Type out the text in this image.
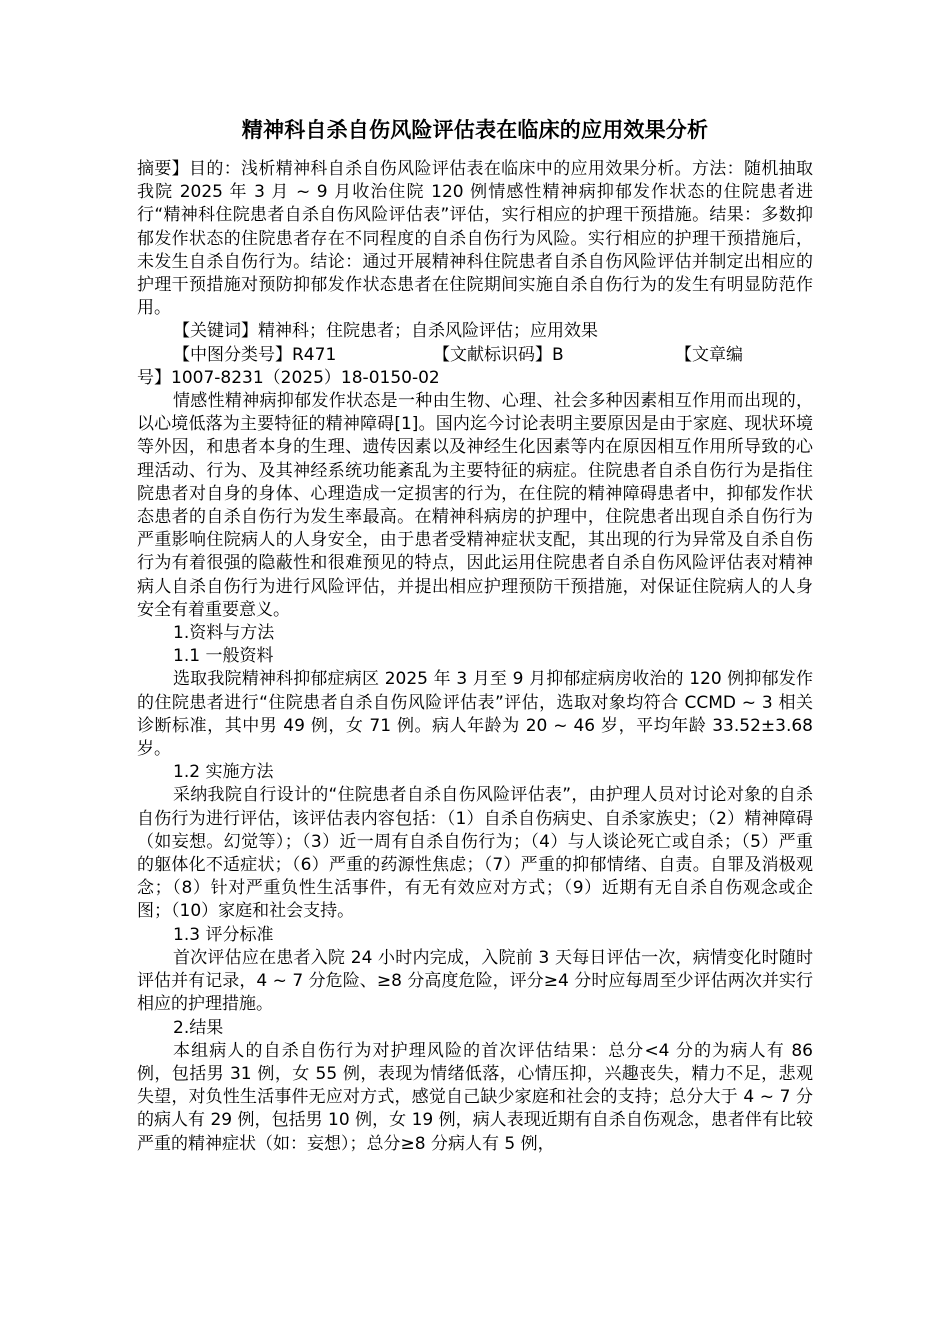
精神科自杀自伤风险评估表在临床的应用效果分析

摘要】目的：浅析精神科自杀自伤风险评估表在临床中的应用效果分析。方法：随机抽取我院 2025 年 3 月 ~ 9 月收治住院 120 例情感性精神病抑郁发作状态的住院患者进行“精神科住院患者自杀自伤风险评估表”评估，实行相应的护理干预措施。结果：多数抑郁发作状态的住院患者存在不同程度的自杀自伤行为风险。实行相应的护理干预措施后，未发生自杀自伤行为。结论：通过开展精神科住院患者自杀自伤风险评估并制定出相应的护理干预措施对预防抑郁发作状态患者在住院期间实施自杀自伤行为的发生有明显防范作用。

【关键词】精神科；住院患者；自杀风险评估；应用效果

【中图分类号】R471	【文献标识码】B	【文章编

号】1007-8231（2025）18-0150-02

情感性精神病抑郁发作状态是一种由生物、心理、社会多种因素相互作用而出现的，以心境低落为主要特征的精神障碍[1]。国内迄今讨论表明主要原因是由于家庭、现状环境等外因，和患者本身的生理、遗传因素以及神经生化因素等内在原因相互作用所导致的心理活动、行为、及其神经系统功能紊乱为主要特征的病症。住院患者自杀自伤行为是指住院患者对自身的身体、心理造成一定损害的行为，在住院的精神障碍患者中，抑郁发作状态患者的自杀自伤行为发生率最高。在精神科病房的护理中，住院患者出现自杀自伤行为严重影响住院病人的人身安全，由于患者受精神症状支配，其出现的行为异常及自杀自伤行为有着很强的隐蔽性和很难预见的特点，因此运用住院患者自杀自伤风险评估表对精神病人自杀自伤行为进行风险评估，并提出相应护理预防干预措施，对保证住院病人的人身安全有着重要意义。

1.资料与方法

1.1 一般资料

选取我院精神科抑郁症病区 2025 年 3 月至 9 月抑郁症病房收治的 120 例抑郁发作的住院患者进行“住院患者自杀自伤风险评估表”评估，选取对象均符合 CCMD ~ 3 相关诊断标准，其中男 49 例，女 71 例。病人年龄为 20 ~ 46 岁，平均年龄 33.52±3.68 岁。

1.2 实施方法

采纳我院自行设计的“住院患者自杀自伤风险评估表”，由护理人员对讨论对象的自杀自伤行为进行评估，该评估表内容包括：（1）自杀自伤病史、自杀家族史；（2）精神障碍（如妄想。幻觉等）；（3）近一周有自杀自伤行为；（4）与人谈论死亡或自杀；（5）严重的躯体化不适症状；（6）严重的药源性焦虑；（7）严重的抑郁情绪、自责。自罪及消极观念；（8）针对严重负性生活事件，有无有效应对方式；（9）近期有无自杀自伤观念或企图；（10）家庭和社会支持。

1.3 评分标准

首次评估应在患者入院 24 小时内完成，入院前 3 天每日评估一次，病情变化时随时评估并有记录，4 ~ 7 分危险、≥8 分高度危险，评分≥4 分时应每周至少评估两次并实行相应的护理措施。

2.结果

本组病人的自杀自伤行为对护理风险的首次评估结果：总分<4 分的为病人有 86 例，包括男 31 例，女 55 例，表现为情绪低落，心情压抑，兴趣丧失，精力不足，悲观失望，对负性生活事件无应对方式，感觉自己缺少家庭和社会的支持；总分大于 4 ~ 7 分的病人有 29 例，包括男 10 例，女 19 例，病人表现近期有自杀自伤观念，患者伴有比较严重的精神症状（如：妄想）；总分≥8 分病人有 5 例，
